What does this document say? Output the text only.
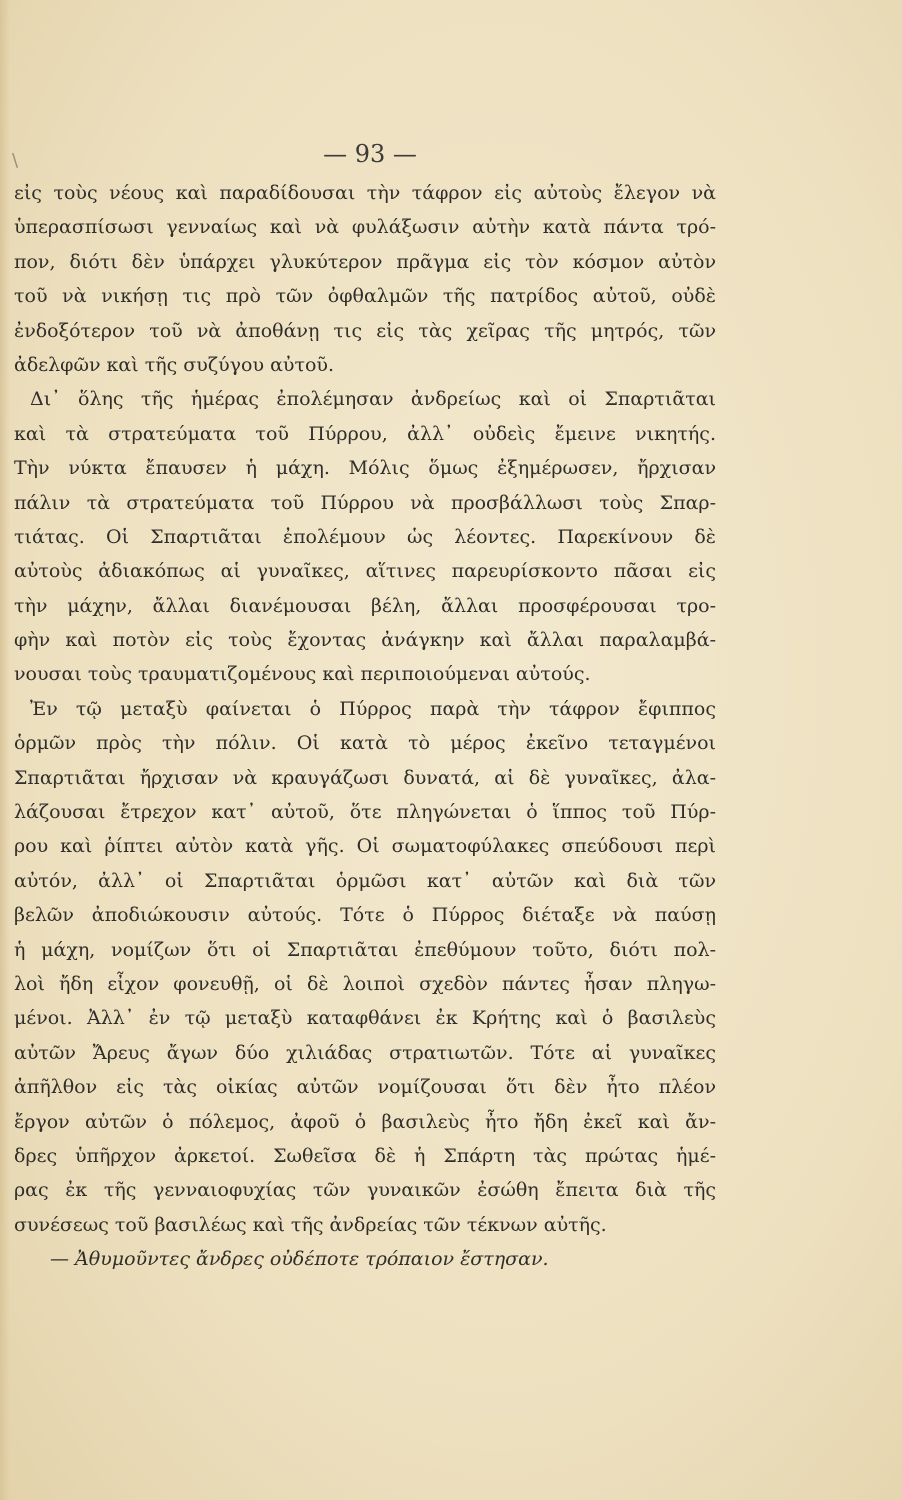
\	— 93 —
εἰς τοὺς νέους καὶ παραδίδουσαι τὴν τάφρον εἰς αὐτοὺς ἔλεγον νὰ
ὑπερασπίσωσι γενναίως καὶ νὰ φυλάξωσιν αὐτὴν κατὰ πάντα τρό-
πον, διότι δὲν ὑπάρχει γλυκύτερον πρᾶγμα εἰς τὸν κόσμον αὐτὸν
τοῦ νὰ νικήσῃ τις πρὸ τῶν ὀφθαλμῶν τῆς πατρίδος αὐτοῦ, οὐδὲ
ἐνδοξότερον τοῦ νὰ ἀποθάνῃ τις εἰς τὰς χεῖρας τῆς μητρός, τῶν
ἀδελφῶν καὶ τῆς συζύγου αὐτοῦ.
Δι᾽ ὅλης τῆς ἡμέρας ἐπολέμησαν ἀνδρείως καὶ οἱ Σπαρτιᾶται
καὶ τὰ στρατεύματα τοῦ Πύρρου, ἀλλ᾽ οὐδεὶς ἔμεινε νικητής.
Τὴν νύκτα ἔπαυσεν ἡ μάχη. Μόλις ὅμως ἐξημέρωσεν, ἤρχισαν
πάλιν τὰ στρατεύματα τοῦ Πύρρου νὰ προσβάλλωσι τοὺς Σπαρ-
τιάτας. Οἱ Σπαρτιᾶται ἐπολέμουν ὡς λέοντες. Παρεκίνουν δὲ
αὐτοὺς ἀδιακόπως αἱ γυναῖκες, αἵτινες παρευρίσκοντο πᾶσαι εἰς
τὴν μάχην, ἄλλαι διανέμουσαι βέλη, ἄλλαι προσφέρουσαι τρο-
φὴν καὶ ποτὸν εἰς τοὺς ἔχοντας ἀνάγκην καὶ ἄλλαι παραλαμβά-
νουσαι τοὺς τραυματιζομένους καὶ περιποιούμεναι αὐτούς.
Ἐν τῷ μεταξὺ φαίνεται ὁ Πύρρος παρὰ τὴν τάφρον ἔφιππος
ὁρμῶν πρὸς τὴν πόλιν. Οἱ κατὰ τὸ μέρος ἐκεῖνο τεταγμένοι
Σπαρτιᾶται ἤρχισαν νὰ κραυγάζωσι δυνατά, αἱ δὲ γυναῖκες, ἀλα-
λάζουσαι ἔτρεχον κατ᾽ αὐτοῦ, ὅτε πληγώνεται ὁ ἵππος τοῦ Πύρ-
ρου καὶ ῥίπτει αὐτὸν κατὰ γῆς. Οἱ σωματοφύλακες σπεύδουσι περὶ
αὐτόν, ἀλλ᾽ οἱ Σπαρτιᾶται ὁρμῶσι κατ᾽ αὐτῶν καὶ διὰ τῶν
βελῶν ἀποδιώκουσιν αὐτούς. Τότε ὁ Πύρρος διέταξε νὰ παύσῃ
ἡ μάχη, νομίζων ὅτι οἱ Σπαρτιᾶται ἐπεθύμουν τοῦτο, διότι πολ-
λοὶ ἤδη εἶχον φονευθῇ, οἱ δὲ λοιποὶ σχεδὸν πάντες ἦσαν πληγω-
μένοι. Ἀλλ᾽ ἐν τῷ μεταξὺ καταφθάνει ἐκ Κρήτης καὶ ὁ βασιλεὺς
αὐτῶν Ἄρευς ἄγων δύο χιλιάδας στρατιωτῶν. Τότε αἱ γυναῖκες
ἀπῆλθον εἰς τὰς οἰκίας αὐτῶν νομίζουσαι ὅτι δὲν ἦτο πλέον
ἔργον αὐτῶν ὁ πόλεμος, ἀφοῦ ὁ βασιλεὺς ἦτο ἤδη ἐκεῖ καὶ ἄν-
δρες ὑπῆρχον ἀρκετοί. Σωθεῖσα δὲ ἡ Σπάρτη τὰς πρώτας ἡμέ-
ρας ἐκ τῆς γενναιοφυχίας τῶν γυναικῶν ἐσώθη ἔπειτα διὰ τῆς
συνέσεως τοῦ βασιλέως καὶ τῆς ἀνδρείας τῶν τέκνων αὐτῆς.
— Ἀθυμοῦντες ἄνδρες οὐδέποτε τρόπαιον ἔστησαν.
